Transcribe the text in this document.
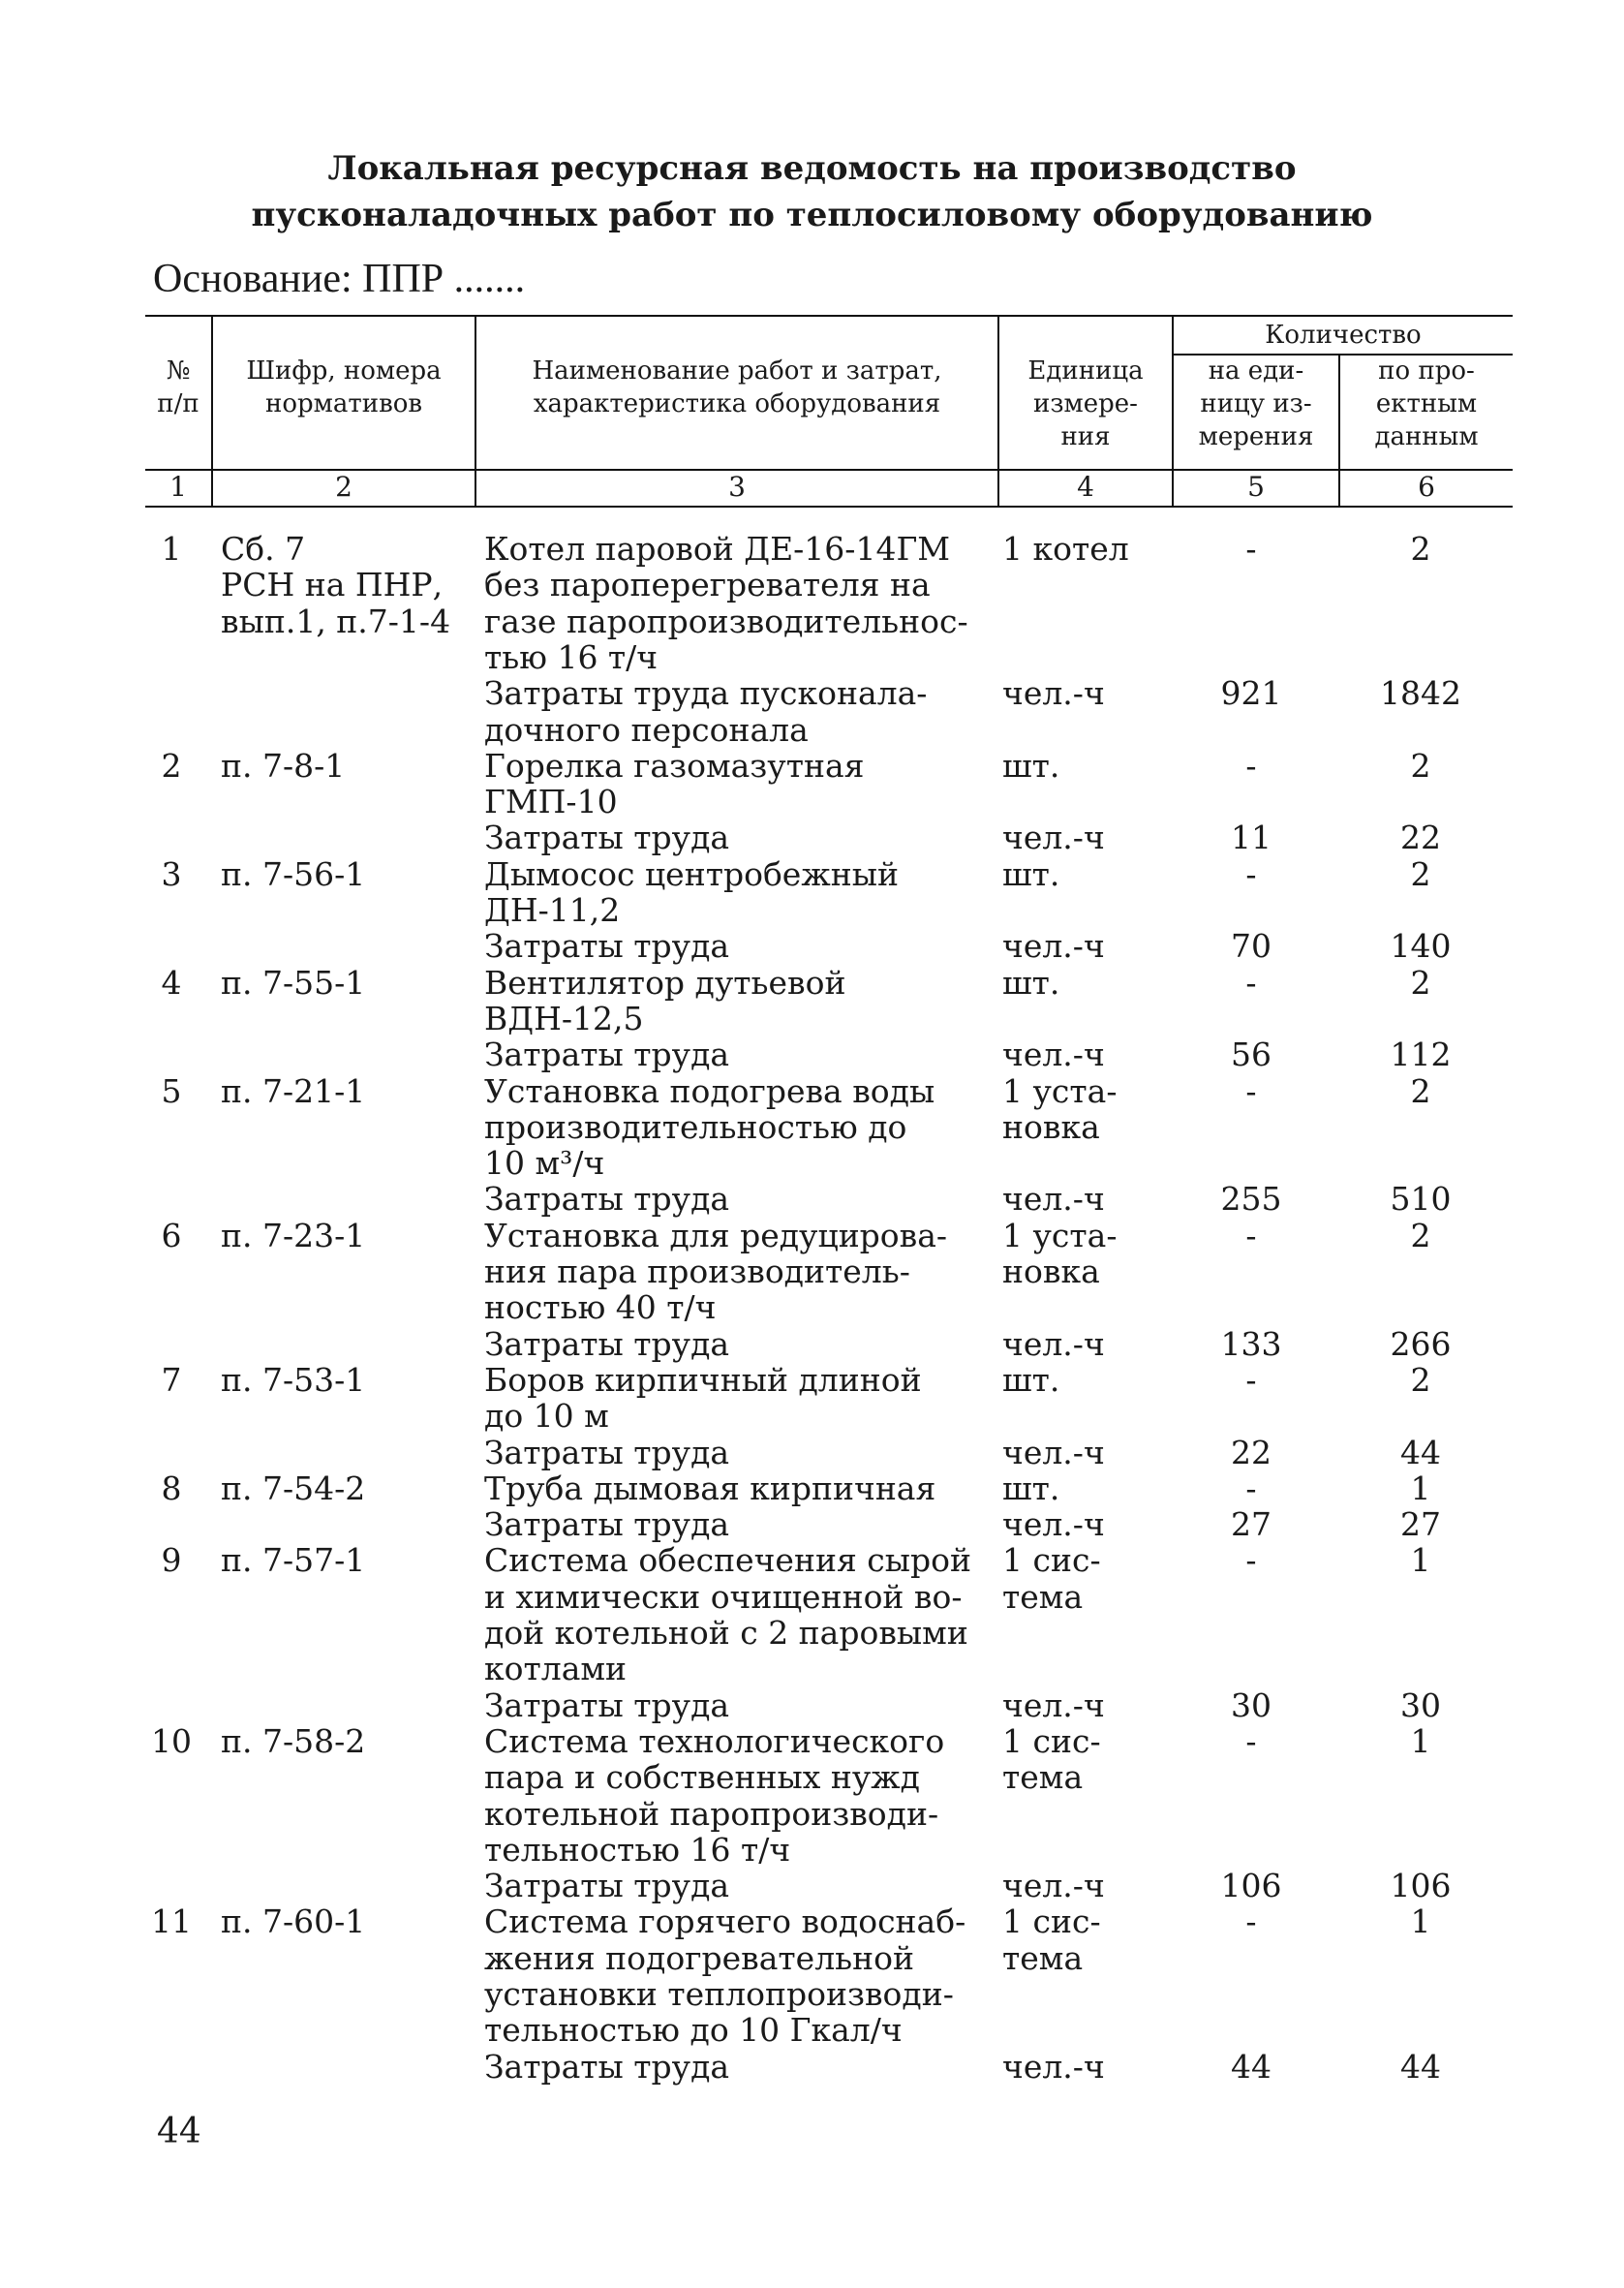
Локальная ресурсная ведомость на производство
пусконаладочных работ по теплосиловому оборудованию
Основание: ППР .......
№
п/п
Шифр, номера
нормативов
Наименование работ и затрат,
характеристика оборудования
Единица
измере-
ния
Количество
на еди-
ницу из-
мерения
по про-
ектным
данным
1	2	3	4	5	6
1	Сб. 7
РСН на ПНР,
вып.1, п.7-1-4
Котел паровой ДЕ-16-14ГМ
без пароперегревателя на
газе паропроизводительнос-
тью 16 т/ч
1 котел	-	2
Затраты труда пусконала-
дочного персонала
чел.-ч	921	1842
2	п. 7-8-1	Горелка газомазутная
ГМП-10
шт.	-	2
Затраты труда	чел.-ч	11	22
3	п. 7-56-1	Дымосос центробежный
ДН-11,2
шт.	-	2
Затраты труда	чел.-ч	70	140
4	п. 7-55-1	Вентилятор дутьевой
ВДН-12,5
шт.	-	2
Затраты труда	чел.-ч	56	112
5	п. 7-21-1	Установка подогрева воды
производительностью до
10 м³/ч
1 уста-
новка
-	2
Затраты труда	чел.-ч	255	510
6	п. 7-23-1	Установка для редуцирова-
ния пара производитель-
ностью 40 т/ч
1 уста-
новка
-	2
Затраты труда	чел.-ч	133	266
7	п. 7-53-1	Боров кирпичный длиной
до 10 м
шт.	-	2
Затраты труда	чел.-ч	22	44
8	п. 7-54-2	Труба дымовая кирпичная шт.	-	1
Затраты труда	чел.-ч	27	27
9	п. 7-57-1	Система обеспечения сырой
и химически очищенной во-
дой котельной с 2 паровыми
котлами
1 сис-
тема
-	1
Затраты труда	чел.-ч	30	30
10 п. 7-58-2	Система технологического
пара и собственных нужд
котельной паропроизводи-
тельностью 16 т/ч
1 сис-
тема
-	1
Затраты труда	чел.-ч	106	106
11 п. 7-60-1	Система горячего водоснаб-
жения подогревательной
установки теплопроизводи-
тельностью до 10 Гкал/ч
1 сис-
тема
-	1
Затраты труда	чел.-ч	44	44
44
